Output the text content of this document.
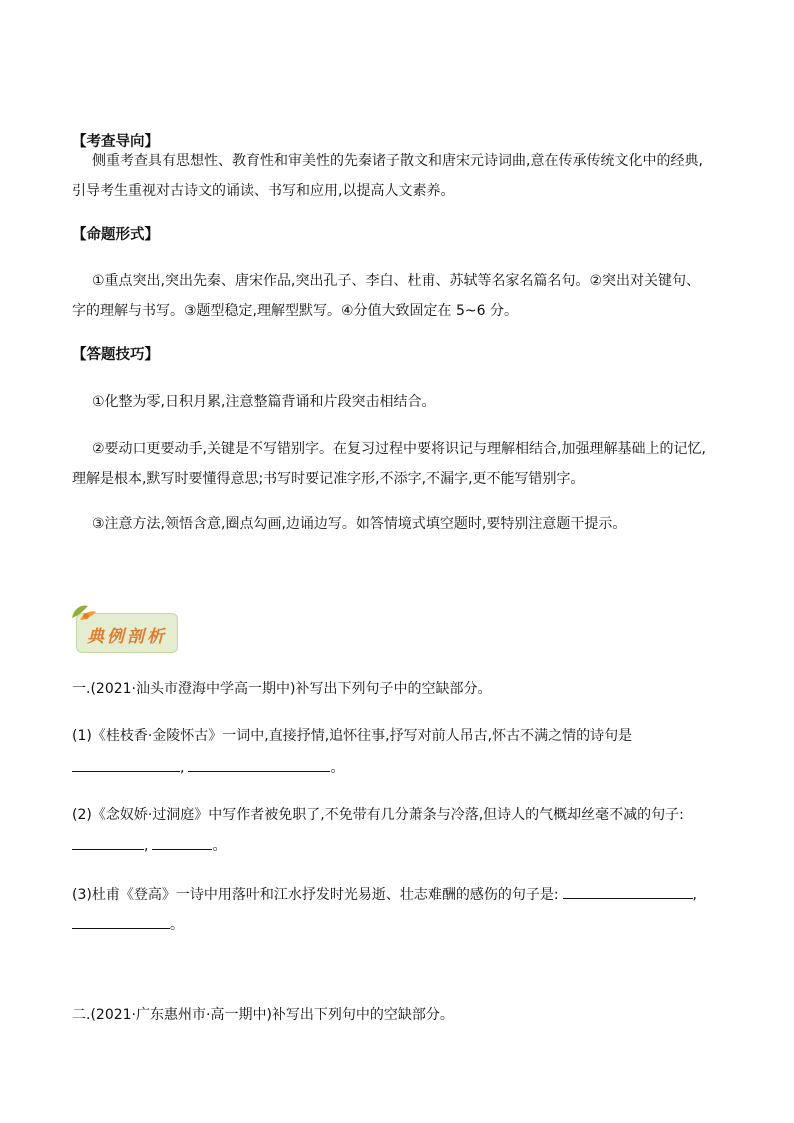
【考查导向】
侧重考查具有思想性、教育性和审美性的先秦诸子散文和唐宋元诗词曲,意在传承传统文化中的经典,
引导考生重视对古诗文的诵读、书写和应用,以提高人文素养。
【命题形式】
①重点突出,突出先秦、唐宋作品,突出孔子、李白、杜甫、苏轼等名家名篇名句。②突出对关键句、
字的理解与书写。③题型稳定,理解型默写。④分值大致固定在 5~6 分。
【答题技巧】
①化整为零,日积月累,注意整篇背诵和片段突击相结合。
②要动口更要动手,关键是不写错别字。在复习过程中要将识记与理解相结合,加强理解基础上的记忆,
理解是根本,默写时要懂得意思;书写时要记准字形,不添字,不漏字,更不能写错别字。
③注意方法,领悟含意,圈点勾画,边诵边写。如答情境式填空题时,要特别注意题干提示。
典例剖析
一.(2021·汕头市澄海中学高一期中)补写出下列句子中的空缺部分。
(1)《桂枝香·金陵怀古》一词中,直接抒情,追怀往事,抒写对前人吊古,怀古不满之情的诗句是
,	。
(2)《念奴娇·过洞庭》中写作者被免职了,不免带有几分萧条与冷落,但诗人的气概却丝毫不减的句子:
,	。
(3)杜甫《登高》一诗中用落叶和江水抒发时光易逝、壮志难酬的感伤的句子是:	,
。
二.(2021·广东惠州市·高一期中)补写出下列句中的空缺部分。
